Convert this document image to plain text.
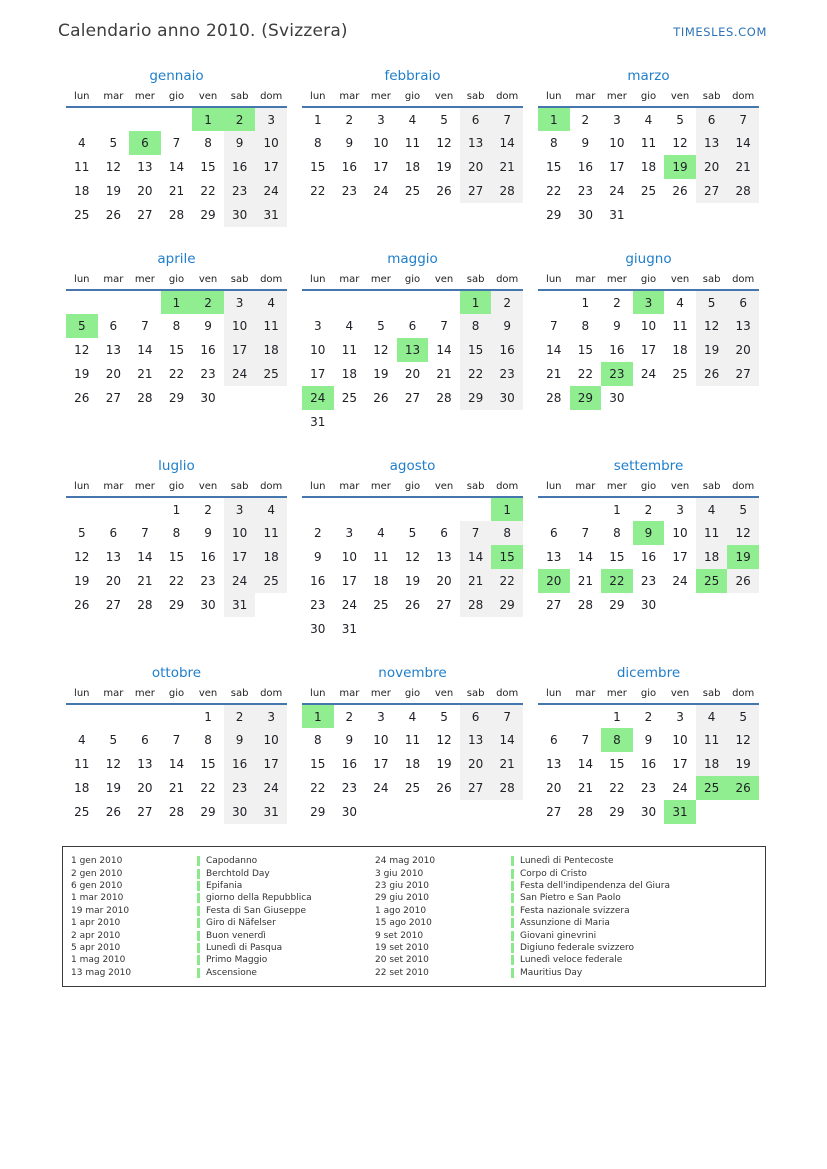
Calendario anno 2010. (Svizzera)	TIMESLES.COM
gennaio
lun	mar	mer	gio	ven	sab	dom
				1	2	3
4	5	6	7	8	9	10
11	12	13	14	15	16	17
18	19	20	21	22	23	24
25	26	27	28	29	30	31
febbraio
lun	mar	mer	gio	ven	sab	dom
1	2	3	4	5	6	7
8	9	10	11	12	13	14
15	16	17	18	19	20	21
22	23	24	25	26	27	28
marzo
lun	mar	mer	gio	ven	sab	dom
1	2	3	4	5	6	7
8	9	10	11	12	13	14
15	16	17	18	19	20	21
22	23	24	25	26	27	28
29	30	31				
aprile
lun	mar	mer	gio	ven	sab	dom
			1	2	3	4
5	6	7	8	9	10	11
12	13	14	15	16	17	18
19	20	21	22	23	24	25
26	27	28	29	30		
maggio
lun	mar	mer	gio	ven	sab	dom
					1	2
3	4	5	6	7	8	9
10	11	12	13	14	15	16
17	18	19	20	21	22	23
24	25	26	27	28	29	30
31						
giugno
lun	mar	mer	gio	ven	sab	dom
	1	2	3	4	5	6
7	8	9	10	11	12	13
14	15	16	17	18	19	20
21	22	23	24	25	26	27
28	29	30				
luglio
lun	mar	mer	gio	ven	sab	dom
			1	2	3	4
5	6	7	8	9	10	11
12	13	14	15	16	17	18
19	20	21	22	23	24	25
26	27	28	29	30	31	
agosto
lun	mar	mer	gio	ven	sab	dom
						1
2	3	4	5	6	7	8
9	10	11	12	13	14	15
16	17	18	19	20	21	22
23	24	25	26	27	28	29
30	31					
settembre
lun	mar	mer	gio	ven	sab	dom
		1	2	3	4	5
6	7	8	9	10	11	12
13	14	15	16	17	18	19
20	21	22	23	24	25	26
27	28	29	30			
ottobre
lun	mar	mer	gio	ven	sab	dom
				1	2	3
4	5	6	7	8	9	10
11	12	13	14	15	16	17
18	19	20	21	22	23	24
25	26	27	28	29	30	31
novembre
lun	mar	mer	gio	ven	sab	dom
1	2	3	4	5	6	7
8	9	10	11	12	13	14
15	16	17	18	19	20	21
22	23	24	25	26	27	28
29	30					
dicembre
lun	mar	mer	gio	ven	sab	dom
		1	2	3	4	5
6	7	8	9	10	11	12
13	14	15	16	17	18	19
20	21	22	23	24	25	26
27	28	29	30	31		
1 gen 2010	Capodanno	24 mag 2010	Lunedì di Pentecoste
2 gen 2010	Berchtold Day	3 giu 2010	Corpo di Cristo
6 gen 2010	Epifania	23 giu 2010	Festa dell'indipendenza del Giura
1 mar 2010	giorno della Repubblica	29 giu 2010	San Pietro e San Paolo
19 mar 2010	Festa di San Giuseppe	1 ago 2010	Festa nazionale svizzera
1 apr 2010	Giro di Näfelser	15 ago 2010	Assunzione di Maria
2 apr 2010	Buon venerdì	9 set 2010	Giovani ginevrini
5 apr 2010	Lunedì di Pasqua	19 set 2010	Digiuno federale svizzero
1 mag 2010	Primo Maggio	20 set 2010	Lunedì veloce federale
13 mag 2010	Ascensione	22 set 2010	Mauritius Day
